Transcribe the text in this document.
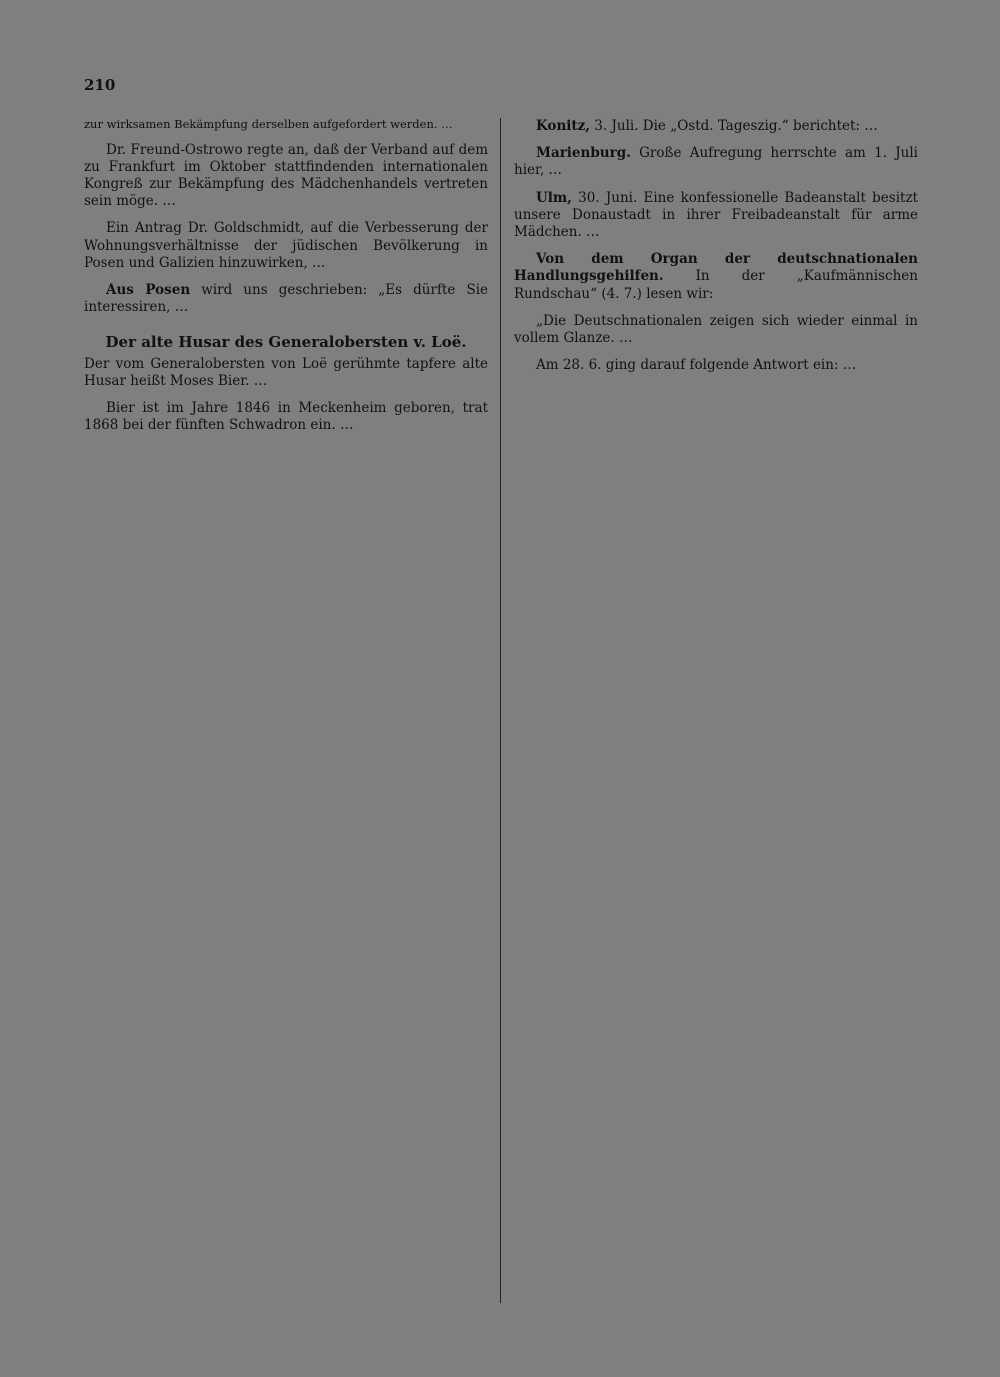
210

zur wirksamen Bekämpfung derselben aufgefordert werden. …

Dr. Freund-Ostrowo regte an, daß der Verband auf dem zu Frankfurt im Oktober stattfindenden internationalen Kongreß zur Bekämpfung des Mädchenhandels vertreten sein möge. …

Ein Antrag Dr. Goldschmidt, auf die Verbesserung der Wohnungsverhältnisse der jüdischen Bevölkerung in Posen und Galizien hinzuwirken, …

Aus Posen wird uns geschrieben: „Es dürfte Sie interessiren, …

Der alte Husar des Generalobersten v. Loë.

Der vom Generalobersten von Loë gerühmte tapfere alte Husar heißt Moses Bier. …

Bier ist im Jahre 1846 in Meckenheim geboren, trat 1868 bei der fünften Schwadron ein. …

Konitz, 3. Juli. Die „Ostd. Tageszig.“ berichtet: …

Marienburg. Große Aufregung herrschte am 1. Juli hier, …

Ulm, 30. Juni. Eine konfessionelle Badeanstalt besitzt unsere Donaustadt in ihrer Freibadeanstalt für arme Mädchen. …

Von dem Organ der deutschnationalen Handlungsgehilfen. In der „Kaufmännischen Rundschau“ (4. 7.) lesen wir:

„Die Deutschnationalen zeigen sich wieder einmal in vollem Glanze. …

Am 28. 6. ging darauf folgende Antwort ein: …
